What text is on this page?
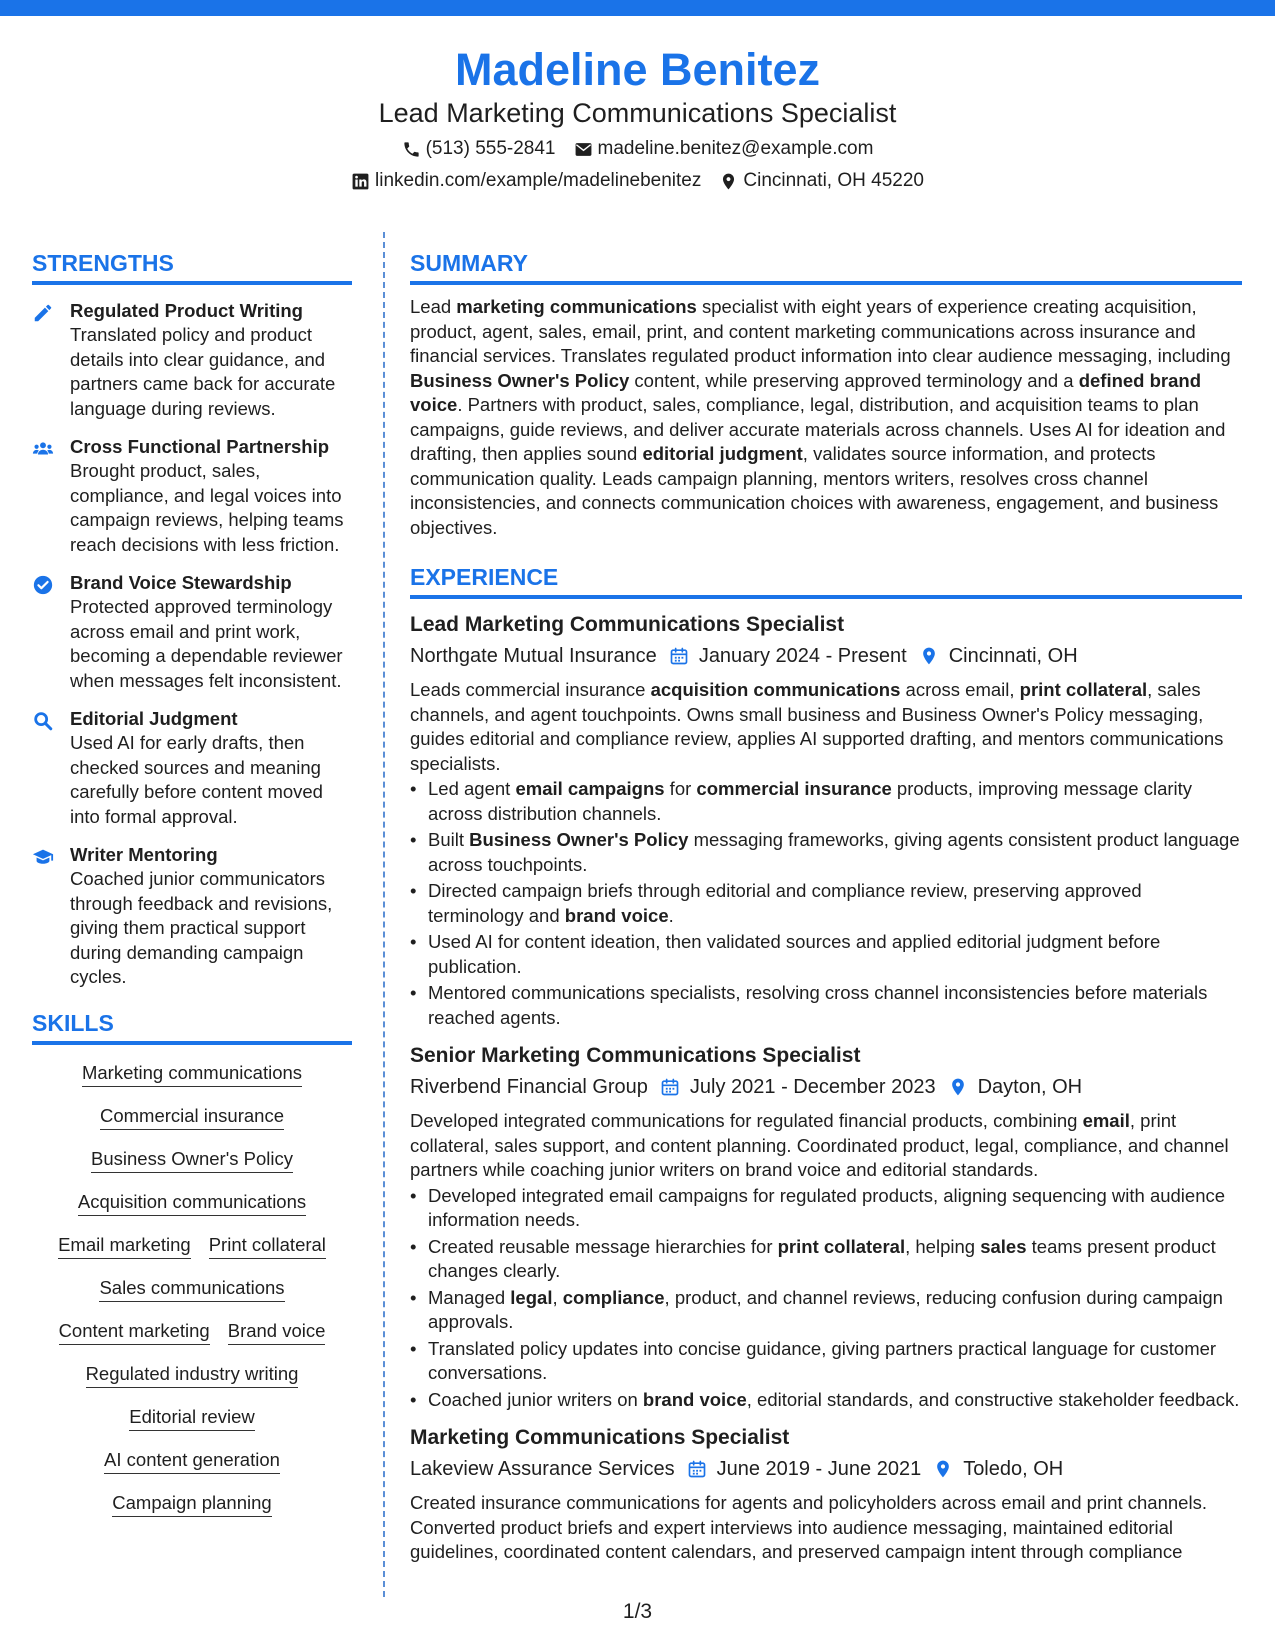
Madeline Benitez
Lead Marketing Communications Specialist
(513) 555-2841 madeline.benitez@example.com
linkedin.com/example/madelinebenitez Cincinnati, OH 45220
STRENGTHS
Regulated Product Writing
Translated policy and product details into clear guidance, and partners came back for accurate language during reviews.
Cross Functional Partnership
Brought product, sales, compliance, and legal voices into campaign reviews, helping teams reach decisions with less friction.
Brand Voice Stewardship
Protected approved terminology across email and print work, becoming a dependable reviewer when messages felt inconsistent.
Editorial Judgment
Used AI for early drafts, then checked sources and meaning carefully before content moved into formal approval.
Writer Mentoring
Coached junior communicators through feedback and revisions, giving them practical support during demanding campaign cycles.
SKILLS
Marketing communications
Commercial insurance
Business Owner's Policy
Acquisition communications
Email marketing Print collateral
Sales communications
Content marketing Brand voice
Regulated industry writing
Editorial review
AI content generation
Campaign planning
SUMMARY
Lead marketing communications specialist with eight years of experience creating acquisition, product, agent, sales, email, print, and content marketing communications across insurance and financial services. Translates regulated product information into clear audience messaging, including Business Owner's Policy content, while preserving approved terminology and a defined brand voice. Partners with product, sales, compliance, legal, distribution, and acquisition teams to plan campaigns, guide reviews, and deliver accurate materials across channels. Uses AI for ideation and drafting, then applies sound editorial judgment, validates source information, and protects communication quality. Leads campaign planning, mentors writers, resolves cross channel inconsistencies, and connects communication choices with awareness, engagement, and business objectives.
EXPERIENCE
Lead Marketing Communications Specialist
Northgate Mutual Insurance January 2024 - Present Cincinnati, OH
Leads commercial insurance acquisition communications across email, print collateral, sales channels, and agent touchpoints. Owns small business and Business Owner's Policy messaging, guides editorial and compliance review, applies AI supported drafting, and mentors communications specialists.
• Led agent email campaigns for commercial insurance products, improving message clarity across distribution channels.
• Built Business Owner's Policy messaging frameworks, giving agents consistent product language across touchpoints.
• Directed campaign briefs through editorial and compliance review, preserving approved terminology and brand voice.
• Used AI for content ideation, then validated sources and applied editorial judgment before publication.
• Mentored communications specialists, resolving cross channel inconsistencies before materials reached agents.
Senior Marketing Communications Specialist
Riverbend Financial Group July 2021 - December 2023 Dayton, OH
Developed integrated communications for regulated financial products, combining email, print collateral, sales support, and content planning. Coordinated product, legal, compliance, and channel partners while coaching junior writers on brand voice and editorial standards.
• Developed integrated email campaigns for regulated products, aligning sequencing with audience information needs.
• Created reusable message hierarchies for print collateral, helping sales teams present product changes clearly.
• Managed legal, compliance, product, and channel reviews, reducing confusion during campaign approvals.
• Translated policy updates into concise guidance, giving partners practical language for customer conversations.
• Coached junior writers on brand voice, editorial standards, and constructive stakeholder feedback.
Marketing Communications Specialist
Lakeview Assurance Services June 2019 - June 2021 Toledo, OH
Created insurance communications for agents and policyholders across email and print channels. Converted product briefs and expert interviews into audience messaging, maintained editorial guidelines, coordinated content calendars, and preserved campaign intent through compliance
1/3
